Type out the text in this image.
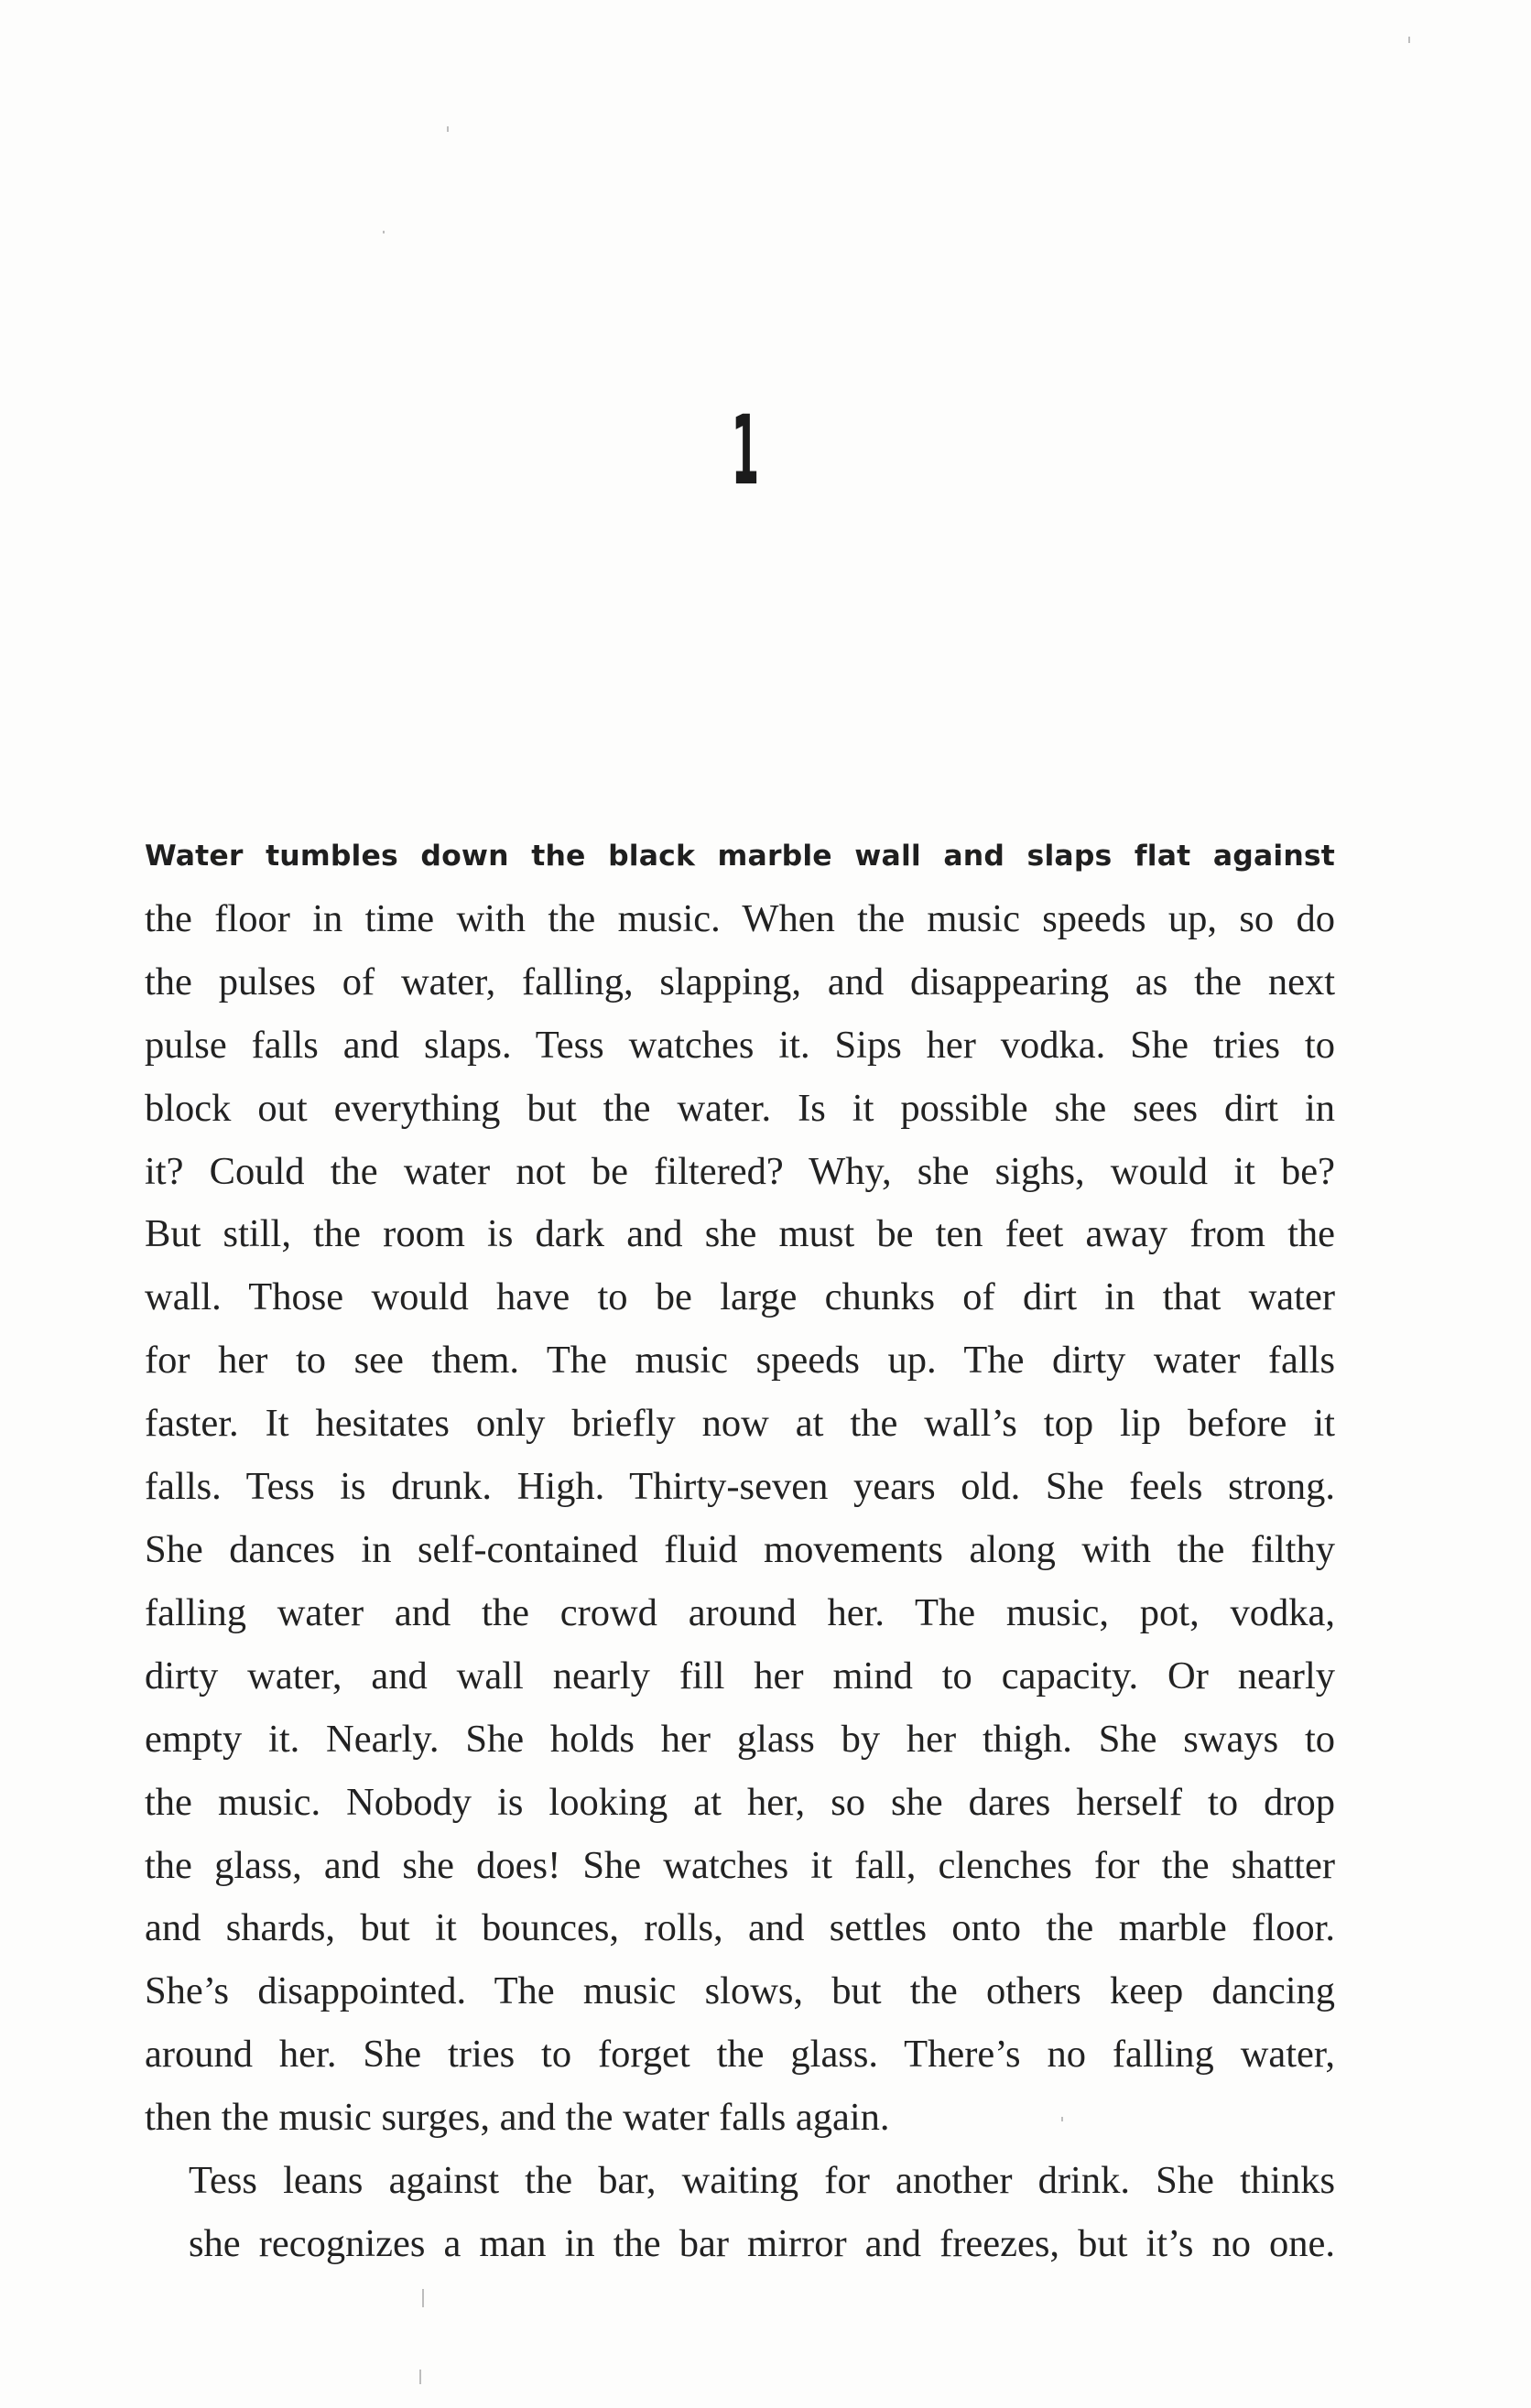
1
Water tumbles down the black marble wall and slaps flat against
the floor in time with the music. When the music speeds up, so do
the pulses of water, falling, slapping, and disappearing as the next
pulse falls and slaps. Tess watches it. Sips her vodka. She tries to
block out everything but the water. Is it possible she sees dirt in
it? Could the water not be filtered? Why, she sighs, would it be?
But still, the room is dark and she must be ten feet away from the
wall. Those would have to be large chunks of dirt in that water
for her to see them. The music speeds up. The dirty water falls
faster. It hesitates only briefly now at the wall’s top lip before it
falls. Tess is drunk. High. Thirty-seven years old. She feels strong.
She dances in self-contained fluid movements along with the filthy
falling water and the crowd around her. The music, pot, vodka,
dirty water, and wall nearly fill her mind to capacity. Or nearly
empty it. Nearly. She holds her glass by her thigh. She sways to
the music. Nobody is looking at her, so she dares herself to drop
the glass, and she does! She watches it fall, clenches for the shatter
and shards, but it bounces, rolls, and settles onto the marble floor.
She’s disappointed. The music slows, but the others keep dancing
around her. She tries to forget the glass. There’s no falling water,
then the music surges, and the water falls again.
Tess leans against the bar, waiting for another drink. She thinks
she recognizes a man in the bar mirror and freezes, but it’s no one.
